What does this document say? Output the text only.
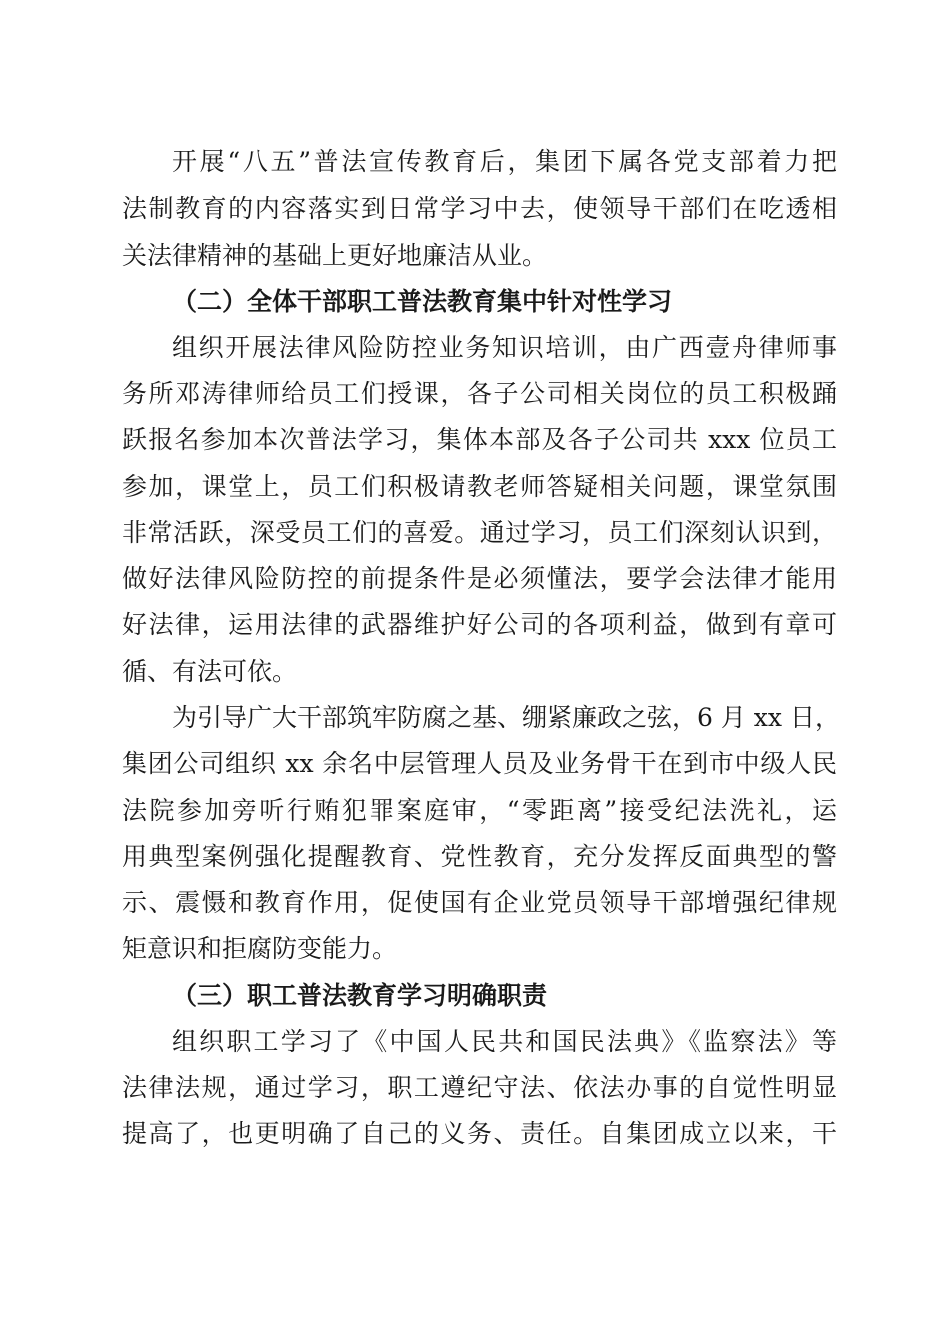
开展“八五”普法宣传教育后，集团下属各党支部着力把
法制教育的内容落实到日常学习中去，使领导干部们在吃透相
关法律精神的基础上更好地廉洁从业。
（二）全体干部职工普法教育集中针对性学习
组织开展法律风险防控业务知识培训，由广西壹舟律师事
务所邓涛律师给员工们授课，各子公司相关岗位的员工积极踊
跃报名参加本次普法学习，集体本部及各子公司共 xxx 位员工
参加，课堂上，员工们积极请教老师答疑相关问题，课堂氛围
非常活跃，深受员工们的喜爱。通过学习，员工们深刻认识到，
做好法律风险防控的前提条件是必须懂法，要学会法律才能用
好法律，运用法律的武器维护好公司的各项利益，做到有章可
循、有法可依。
为引导广大干部筑牢防腐之基、绷紧廉政之弦，6 月 xx 日，
集团公司组织 xx 余名中层管理人员及业务骨干在到市中级人民
法院参加旁听行贿犯罪案庭审，“零距离”接受纪法洗礼，运
用典型案例强化提醒教育、党性教育，充分发挥反面典型的警
示、震慑和教育作用，促使国有企业党员领导干部增强纪律规
矩意识和拒腐防变能力。
（三）职工普法教育学习明确职责
组织职工学习了《中国人民共和国民法典》《监察法》等
法律法规，通过学习，职工遵纪守法、依法办事的自觉性明显
提高了，也更明确了自己的义务、责任。自集团成立以来，干
